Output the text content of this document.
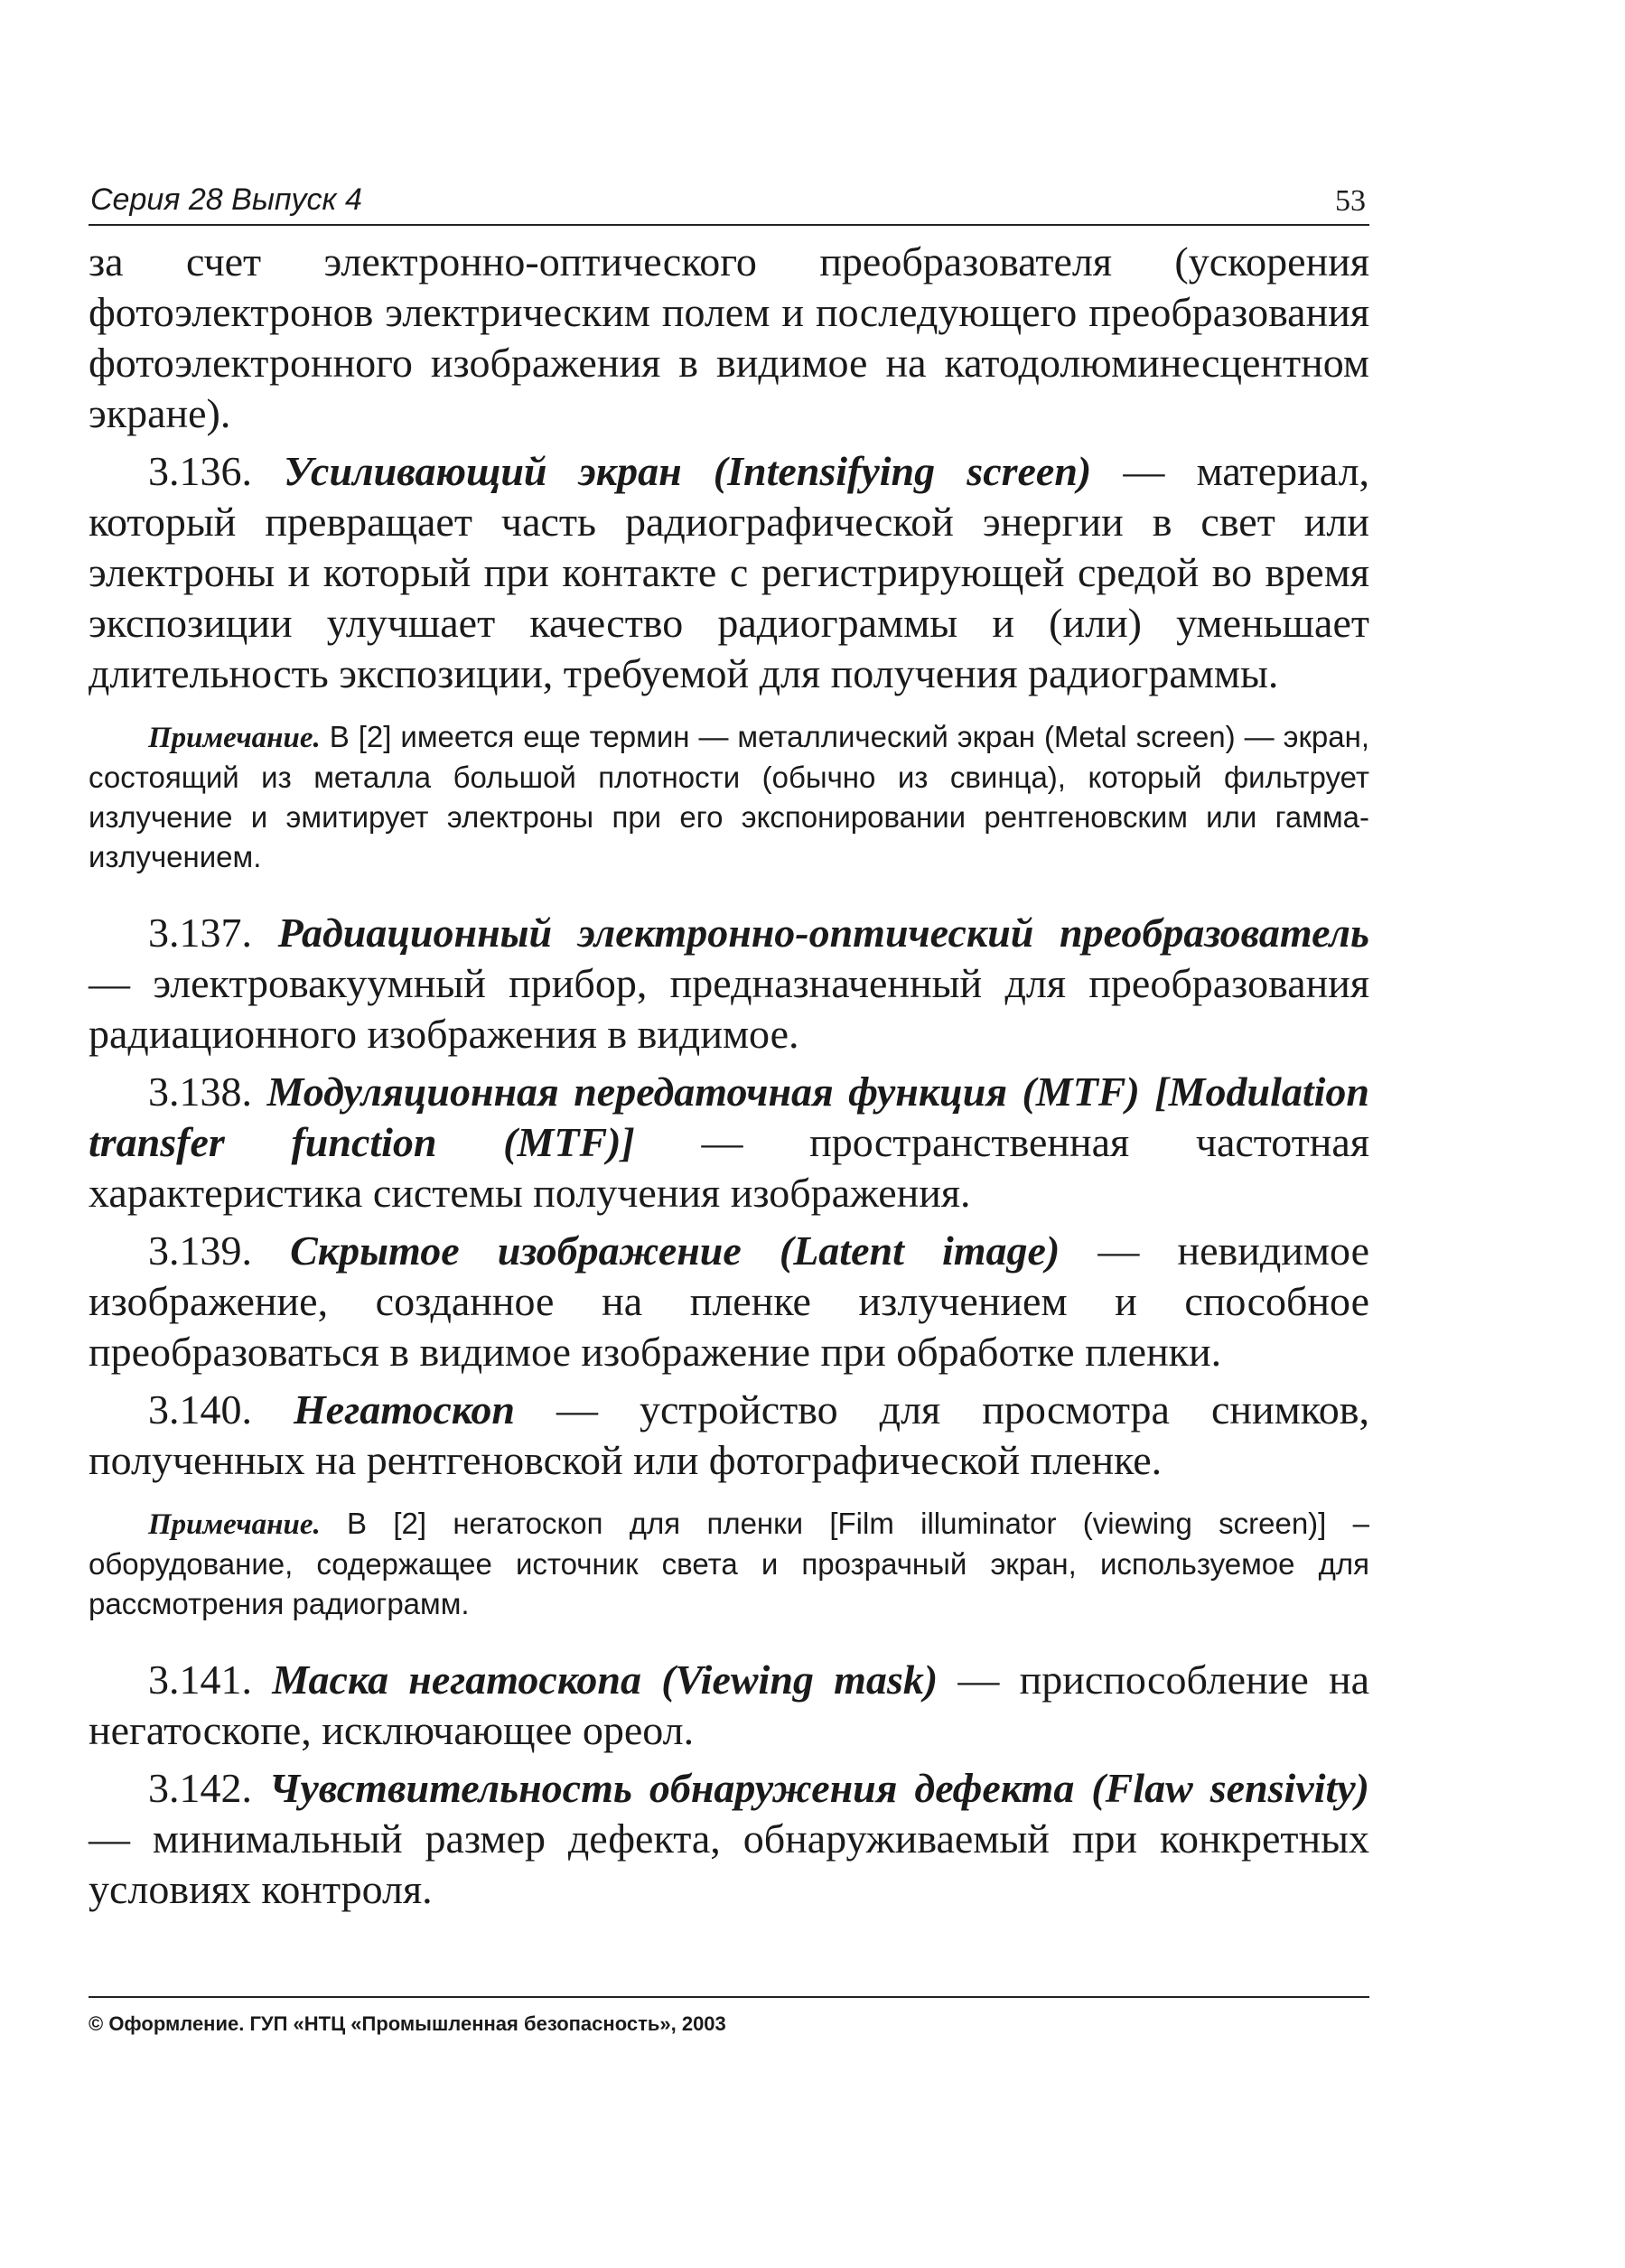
Серия 28 Выпуск 4	53

за счет электронно-оптического преобразователя (ускорения фотоэлектронов электрическим полем и последующего преобразования фотоэлектронного изображения в видимое на катодолюминесцентном экране).

3.136. Усиливающий экран (Intensifying screen) — материал, который превращает часть радиографической энергии в свет или электроны и который при контакте с регистрирующей средой во время экспозиции улучшает качество радиограммы и (или) уменьшает длительность экспозиции, требуемой для получения радиограммы.

Примечание. В [2] имеется еще термин — металлический экран (Metal screen) — экран, состоящий из металла большой плотности (обычно из свинца), который фильтрует излучение и эмитирует электроны при его экспонировании рентгеновским или гамма-излучением.

3.137. Радиационный электронно-оптический преобразователь — электровакуумный прибор, предназначенный для преобразования радиационного изображения в видимое.

3.138. Модуляционная передаточная функция (MTF) [Modulation transfer function (MTF)] — пространственная частотная характеристика системы получения изображения.

3.139. Скрытое изображение (Latent image) — невидимое изображение, созданное на пленке излучением и способное преобразоваться в видимое изображение при обработке пленки.

3.140. Негатоскоп — устройство для просмотра снимков, полученных на рентгеновской или фотографической пленке.

Примечание. В [2] негатоскоп для пленки [Film illuminator (viewing screen)] – оборудование, содержащее источник света и прозрачный экран, используемое для рассмотрения радиограмм.

3.141. Маска негатоскопа (Viewing mask) — приспособление на негатоскопе, исключающее ореол.

3.142. Чувствительность обнаружения дефекта (Flaw sensivity) — минимальный размер дефекта, обнаруживаемый при конкретных условиях контроля.

© Оформление. ГУП «НТЦ «Промышленная безопасность», 2003
